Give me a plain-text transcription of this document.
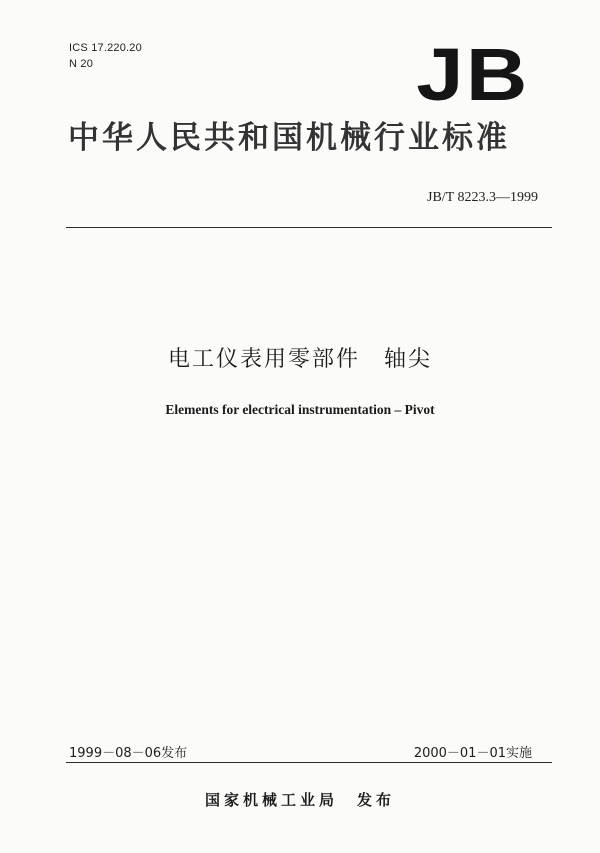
ICS 17.220.20
N 20	JB
中华人民共和国机械行业标准
JB/T 8223.3—1999
电工仪表用零部件　轴尖
Elements for electrical instrumentation – Pivot
1999－08－06发布	2000－01－01实施
国家机械工业局　发布
